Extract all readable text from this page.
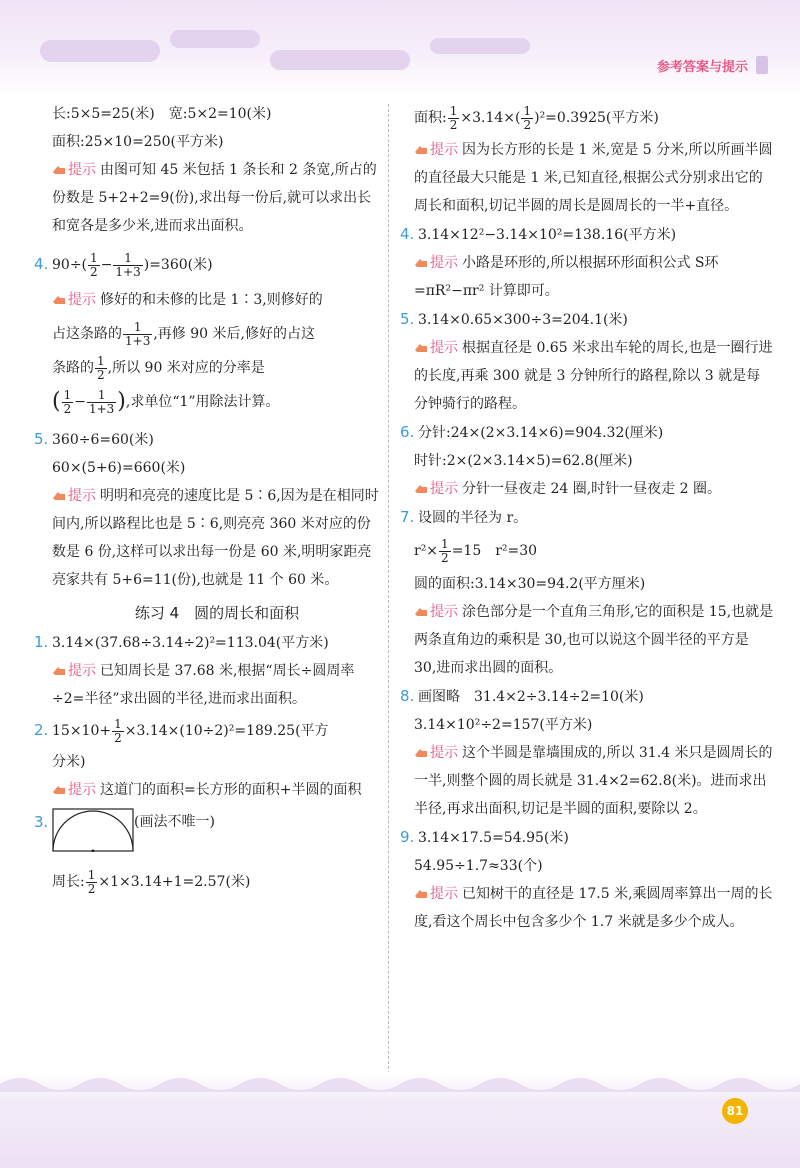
参考答案与提示
长:5×5=25(米)　宽:5×2=10(米)
面积:25×10=250(平方米)
提示 由图可知 45 米包括 1 条长和 2 条宽,所占的份数是 5+2+2=9(份),求出每一份后,就可以求出长和宽各是多少米,进而求出面积。
4. $90\div( \frac{1}{2} - \frac{1}{1+3} )=360$(米)
提示 修好的和未修的比是 1∶3,则修好的
占这条路的 $\frac{1}{1+3}$ ,再修 90 米后,修好的占这
条路的 $\frac{1}{2}$ ,所以 90 米对应的分率是
( $\frac{1}{2} - \frac{1}{1+3}$ ),求单位“1”用除法计算。
5. 360÷6=60(米)
60×(5+6)=660(米)
提示 明明和亮亮的速度比是 5∶6,因为是在相同时间内,所以路程比也是 5∶6,则亮亮 360 米对应的份数是 6 份,这样可以求出每一份是 60 米,明明家距亮亮家共有 5+6=11(份),也就是 11 个 60 米。
练习 4　圆的周长和面积
1. 3.14×(37.68÷3.14÷2)²=113.04(平方米)
提示 已知周长是 37.68 米,根据“周长÷圆周率÷2=半径”求出圆的半径,进而求出面积。
2. $15\times 10+ \frac{1}{2} \times 3.14\times(10\div 2)^2=189.25$(平方
分米)
提示 这道门的面积=长方形的面积+半圆的面积
3.	(画法不唯一)
周长: $\frac{1}{2} \times 1\times 3.14+1=2.57$(米)
面积: $\frac{1}{2} \times 3.14\times( \frac{1}{2} )^2=0.3925$(平方米)
提示 因为长方形的长是 1 米,宽是 5 分米,所以所画半圆的直径最大只能是 1 米,已知直径,根据公式分别求出它的周长和面积,切记半圆的周长是圆周长的一半+直径。
4. 3.14×12²−3.14×10²=138.16(平方米)
提示 小路是环形的,所以根据环形面积公式 S环=πR²−πr² 计算即可。
5. 3.14×0.65×300÷3=204.1(米)
提示 根据直径是 0.65 米求出车轮的周长,也是一圈行进的长度,再乘 300 就是 3 分钟所行的路程,除以 3 就是每分钟骑行的路程。
6. 分针:24×(2×3.14×6)=904.32(厘米)
时针:2×(2×3.14×5)=62.8(厘米)
提示 分针一昼夜走 24 圈,时针一昼夜走 2 圈。
7. 设圆的半径为 r。
$r^2\times \frac{1}{2} =15$　r²=30
圆的面积:3.14×30=94.2(平方厘米)
提示 涂色部分是一个直角三角形,它的面积是 15,也就是两条直角边的乘积是 30,也可以说这个圆半径的平方是 30,进而求出圆的面积。
8. 画图略　31.4×2÷3.14÷2=10(米)
3.14×10²÷2=157(平方米)
提示 这个半圆是靠墙围成的,所以 31.4 米只是圆周长的一半,则整个圆的周长就是 31.4×2=62.8(米)。进而求出半径,再求出面积,切记是半圆的面积,要除以 2。
9. 3.14×17.5=54.95(米)
54.95÷1.7≈33(个)
提示 已知树干的直径是 17.5 米,乘圆周率算出一周的长度,看这个周长中包含多少个 1.7 米就是多少个成人。
81
